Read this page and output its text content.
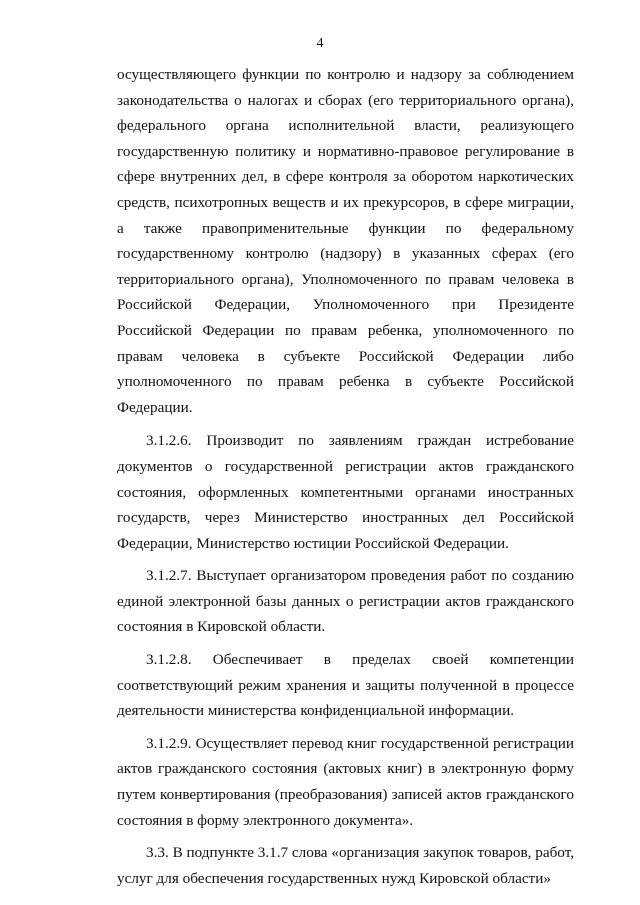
4

осуществляющего функции по контролю и надзору за соблюдением законодательства о налогах и сборах (его территориального органа), федерального органа исполнительной власти, реализующего государственную политику и нормативно-правовое регулирование в сфере внутренних дел, в сфере контроля за оборотом наркотических средств, психотропных веществ и их прекурсоров, в сфере миграции, а также правоприменительные функции по федеральному государственному контролю (надзору) в указанных сферах (его территориального органа), Уполномоченного по правам человека в Российской Федерации, Уполномоченного при Президенте Российской Федерации по правам ребенка, уполномоченного по правам человека в субъекте Российской Федерации либо уполномоченного по правам ребенка в субъекте Российской Федерации.

3.1.2.6. Производит по заявлениям граждан истребование документов о государственной регистрации актов гражданского состояния, оформленных компетентными органами иностранных государств, через Министерство иностранных дел Российской Федерации, Министерство юстиции Российской Федерации.

3.1.2.7. Выступает организатором проведения работ по созданию единой электронной базы данных о регистрации актов гражданского состояния в Кировской области.

3.1.2.8. Обеспечивает в пределах своей компетенции соответствующий режим хранения и защиты полученной в процессе деятельности министерства конфиденциальной информации.

3.1.2.9. Осуществляет перевод книг государственной регистрации актов гражданского состояния (актовых книг) в электронную форму путем конвертирования (преобразования) записей актов гражданского состояния в форму электронного документа».

3.3. В подпункте 3.1.7 слова «организация закупок товаров, работ, услуг для обеспечения государственных нужд Кировской области»
